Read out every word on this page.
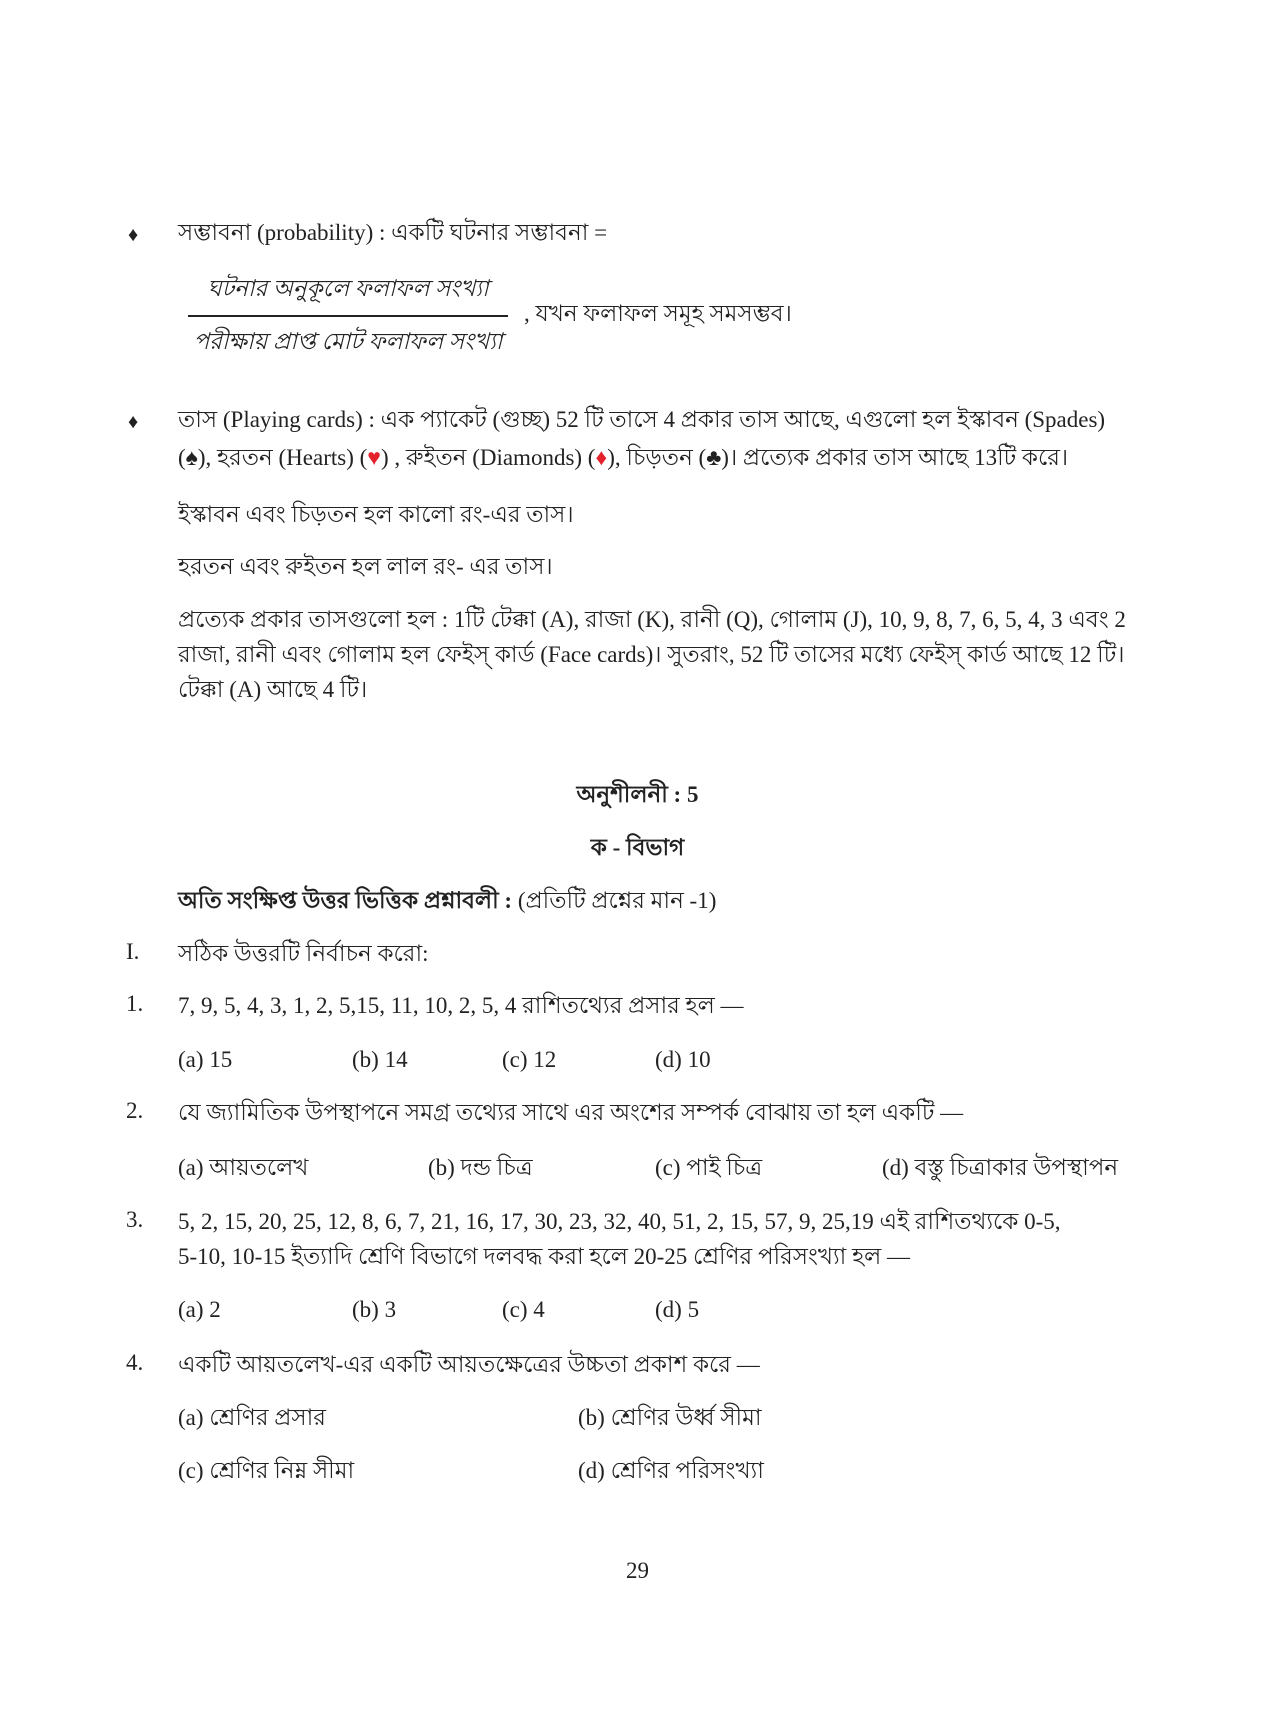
♦ সম্ভাবনা (probability) : একটি ঘটনার সম্ভাবনা =
ঘটনার অনুকূলে ফলাফল সংখ্যা
পরীক্ষায় প্রাপ্ত মোট ফলাফল সংখ্যা
, যখন ফলাফল সমূহ সমসম্ভব।
♦ তাস (Playing cards) : এক প্যাকেট (গুচ্ছ) 52 টি তাসে 4 প্রকার তাস আছে, এগুলো হল ইস্কাবন (Spades)
(♠), হরতন (Hearts) (♥) , রুইতন (Diamonds) (♦), চিড়তন (♣)। প্রত্যেক প্রকার তাস আছে 13টি করে।
ইস্কাবন এবং চিড়তন হল কালো রং-এর তাস।
হরতন এবং রুইতন হল লাল রং- এর তাস।
প্রত্যেক প্রকার তাসগুলো হল : 1টি টেক্কা (A), রাজা (K), রানী (Q), গোলাম (J), 10, 9, 8, 7, 6, 5, 4, 3 এবং 2
রাজা, রানী এবং গোলাম হল ফেইস্ কার্ড (Face cards)। সুতরাং, 52 টি তাসের মধ্যে ফেইস্ কার্ড আছে 12 টি।
টেক্কা (A) আছে 4 টি।
অনুশীলনী : 5
ক - বিভাগ
অতি সংক্ষিপ্ত উত্তর ভিত্তিক প্রশ্নাবলী : (প্রতিটি প্রশ্নের মান -1)
I. সঠিক উত্তরটি নির্বাচন করো:
1. 7, 9, 5, 4, 3, 1, 2, 5,15, 11, 10, 2, 5, 4 রাশিতথ্যের প্রসার হল —
(a) 15	(b) 14	(c) 12	(d) 10
2. যে জ্যামিতিক উপস্থাপনে সমগ্র তথ্যের সাথে এর অংশের সম্পর্ক বোঝায় তা হল একটি —
(a) আয়তলেখ	(b) দন্ড চিত্র	(c) পাই চিত্র	(d) বস্তু চিত্রাকার উপস্থাপন
3. 5, 2, 15, 20, 25, 12, 8, 6, 7, 21, 16, 17, 30, 23, 32, 40, 51, 2, 15, 57, 9, 25,19 এই রাশিতথ্যকে 0-5,
5-10, 10-15 ইত্যাদি শ্রেণি বিভাগে দলবদ্ধ করা হলে 20-25 শ্রেণির পরিসংখ্যা হল —
(a) 2	(b) 3	(c) 4	(d) 5
4. একটি আয়তলেখ-এর একটি আয়তক্ষেত্রের উচ্চতা প্রকাশ করে —
(a) শ্রেণির প্রসার	(b) শ্রেণির উর্ধ্ব সীমা
(c) শ্রেণির নিম্ন সীমা	(d) শ্রেণির পরিসংখ্যা
29
